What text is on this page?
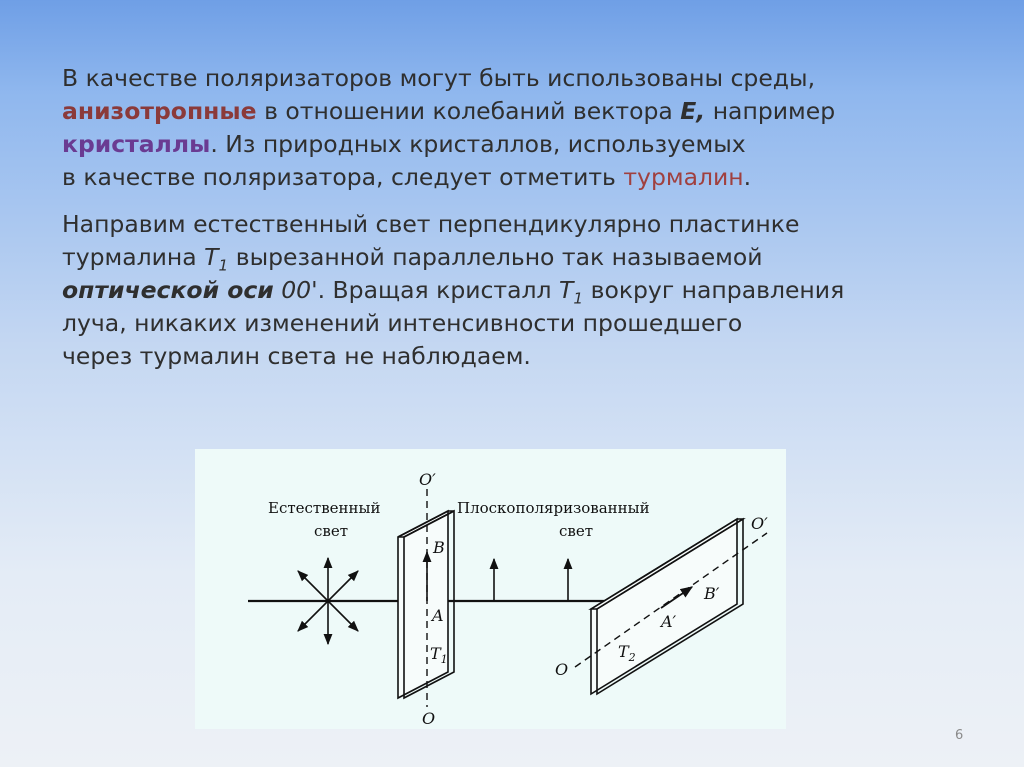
В качестве поляризаторов могут быть использованы среды,
анизотропные в отношении колебаний вектора E, например
кристаллы. Из природных кристаллов, используемых
в качестве поляризатора, следует отметить турмалин.

Направим естественный свет перпендикулярно пластинке
турмалина $T_1$ вырезанной параллельно так называемой
оптической оси 00'. Вращая кристалл $T_1$ вокруг направления
луча, никаких изменений интенсивности прошедшего
через турмалин света не наблюдаем.

Естественный
свет
Плоскополяризованный
свет
O′
B
A
$T_1$
O
O′
B′
A′
$T_2$
O
6
